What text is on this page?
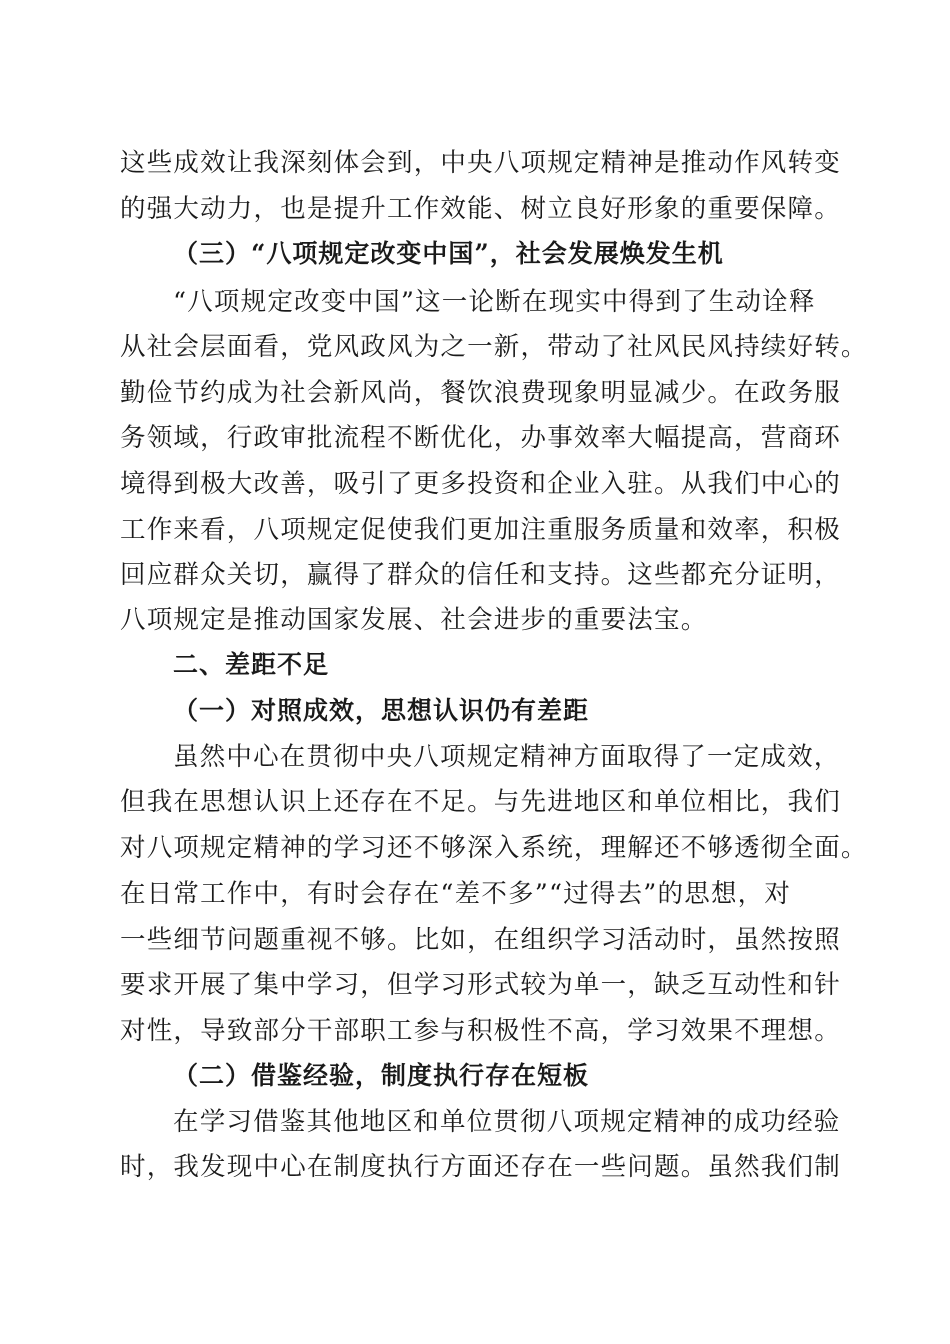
这些成效让我深刻体会到，中央八项规定精神是推动作风转变
的强大动力，也是提升工作效能、树立良好形象的重要保障。
（三）“八项规定改变中国”，社会发展焕发生机
“八项规定改变中国”这一论断在现实中得到了生动诠释
从社会层面看，党风政风为之一新，带动了社风民风持续好转。
勤俭节约成为社会新风尚，餐饮浪费现象明显减少。在政务服
务领域，行政审批流程不断优化，办事效率大幅提高，营商环
境得到极大改善，吸引了更多投资和企业入驻。从我们中心的
工作来看，八项规定促使我们更加注重服务质量和效率，积极
回应群众关切，赢得了群众的信任和支持。这些都充分证明，
八项规定是推动国家发展、社会进步的重要法宝。
二、差距不足
（一）对照成效，思想认识仍有差距
虽然中心在贯彻中央八项规定精神方面取得了一定成效，
但我在思想认识上还存在不足。与先进地区和单位相比，我们
对八项规定精神的学习还不够深入系统，理解还不够透彻全面。
在日常工作中，有时会存在“差不多”“过得去”的思想，对
一些细节问题重视不够。比如，在组织学习活动时，虽然按照
要求开展了集中学习，但学习形式较为单一，缺乏互动性和针
对性，导致部分干部职工参与积极性不高，学习效果不理想。
（二）借鉴经验，制度执行存在短板
在学习借鉴其他地区和单位贯彻八项规定精神的成功经验
时，我发现中心在制度执行方面还存在一些问题。虽然我们制
